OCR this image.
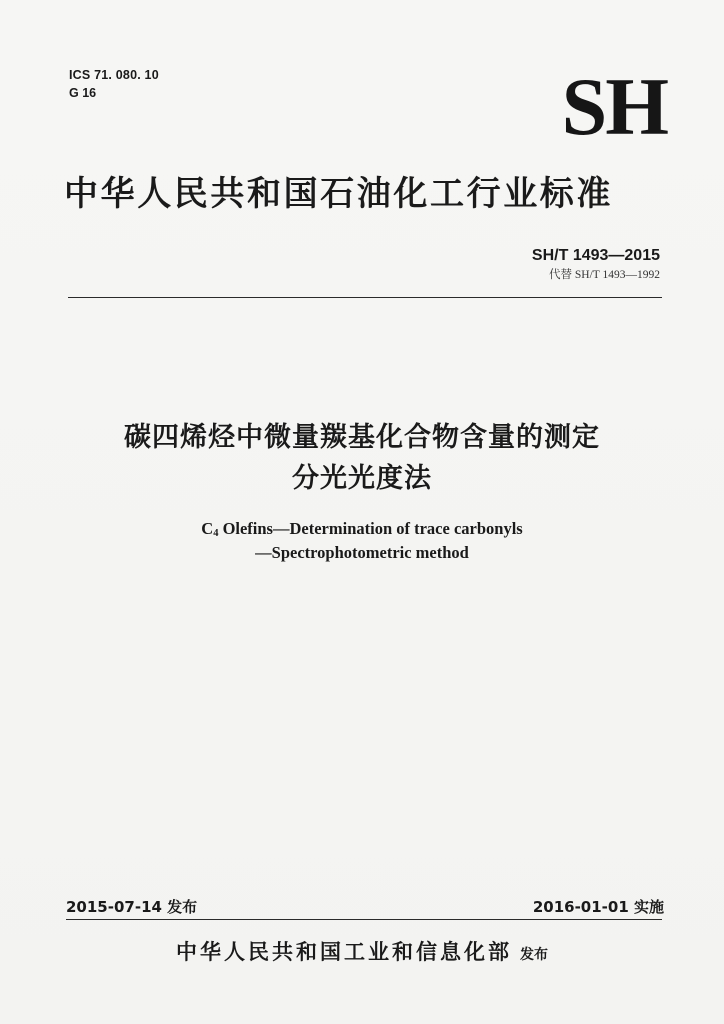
ICS 71. 080. 10
G 16	SH
中华人民共和国石油化工行业标准
SH/T 1493—2015
代替 SH/T 1493—1992
碳四烯烃中微量羰基化合物含量的测定
分光光度法
$C_4$ Olefins—Determination of trace carbonyls
—Spectrophotometric method
2015-07-14 发布	2016-01-01 实施
中华人民共和国工业和信息化部 发布
